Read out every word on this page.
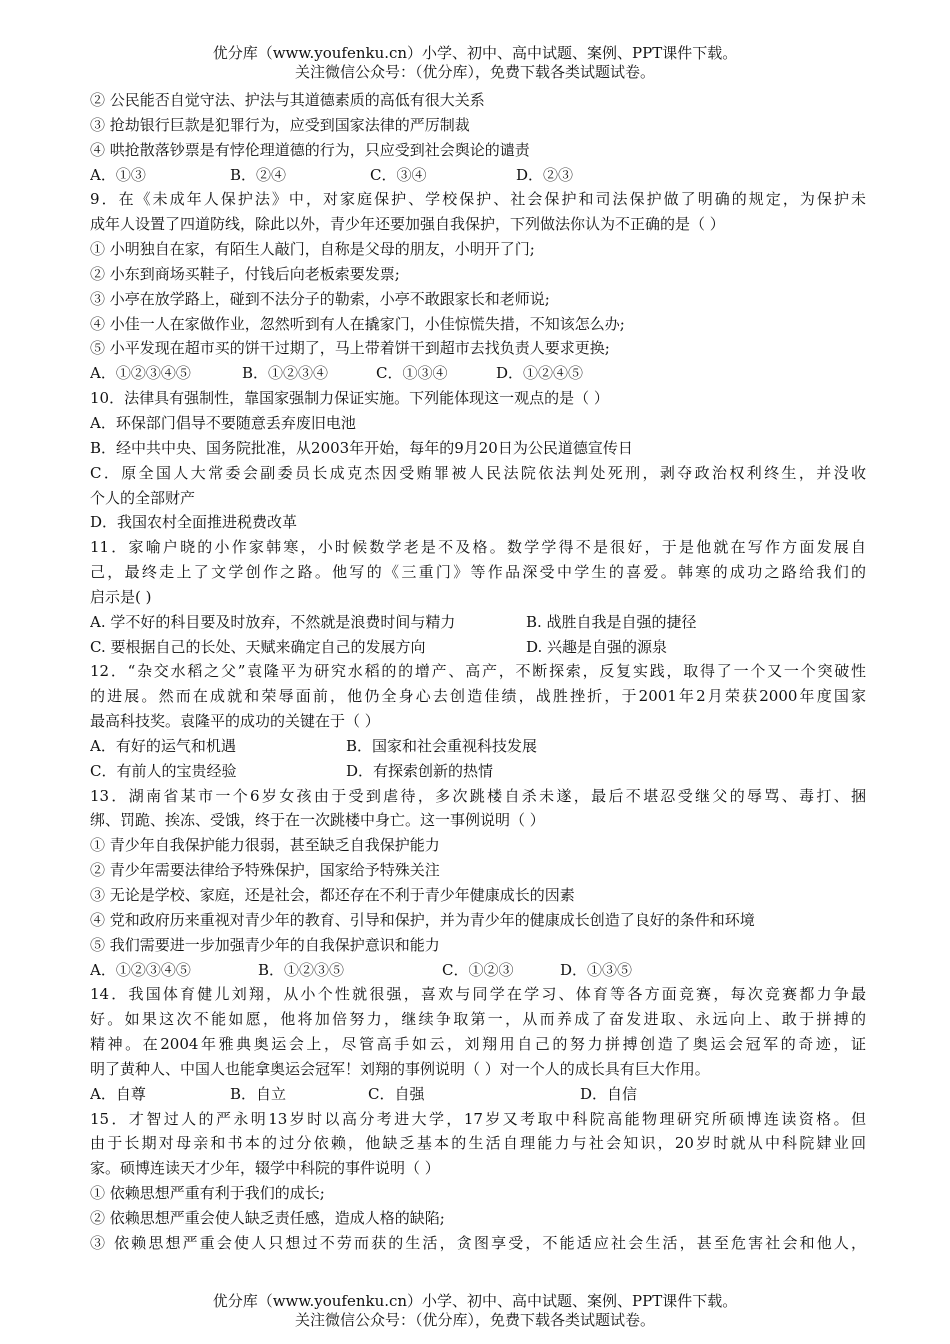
优分库（www.youfenku.cn）小学、初中、高中试题、案例、PPT课件下载。
关注微信公众号：（优分库），免费下载各类试题试卷。
② 公民能否自觉守法、护法与其道德素质的高低有很大关系
③ 抢劫银行巨款是犯罪行为，应受到国家法律的严厉制裁
④ 哄抢散落钞票是有悖伦理道德的行为，只应受到社会舆论的谴责
A．①③	B．②④	C．③④	D．②③
9．在《未成年人保护法》中，对家庭保护、学校保护、社会保护和司法保护做了明确的规定，为保护未
成年人设置了四道防线，除此以外，青少年还要加强自我保护，下列做法你认为不正确的是（ ）
① 小明独自在家，有陌生人敲门，自称是父母的朋友，小明开了门;
② 小东到商场买鞋子，付钱后向老板索要发票;
③ 小亭在放学路上，碰到不法分子的勒索，小亭不敢跟家长和老师说;
④ 小佳一人在家做作业，忽然听到有人在撬家门，小佳惊慌失措，不知该怎么办;
⑤ 小平发现在超市买的饼干过期了，马上带着饼干到超市去找负责人要求更换;
A．①②③④⑤	B．①②③④	C．①③④	D．①②④⑤
10．法律具有强制性，靠国家强制力保证实施。下列能体现这一观点的是（ ）
A．环保部门倡导不要随意丢弃废旧电池
B．经中共中央、国务院批准，从2003年开始，每年的9月20日为公民道德宣传日
C．原全国人大常委会副委员长成克杰因受贿罪被人民法院依法判处死刑，剥夺政治权利终生，并没收
个人的全部财产
D．我国农村全面推进税费改革
11．家喻户晓的小作家韩寒，小时候数学老是不及格。数学学得不是很好，于是他就在写作方面发展自
己，最终走上了文学创作之路。他写的《三重门》等作品深受中学生的喜爱。韩寒的成功之路给我们的
启示是( )
A. 学不好的科目要及时放弃，不然就是浪费时间与精力	B. 战胜自我是自强的捷径
C. 要根据自己的长处、天赋来确定自己的发展方向	D. 兴趣是自强的源泉
12．“杂交水稻之父”袁隆平为研究水稻的的增产、高产，不断探索，反复实践，取得了一个又一个突破性
的进展。然而在成就和荣辱面前，他仍全身心去创造佳绩，战胜挫折，于2001年2月荣获2000年度国家
最高科技奖。袁隆平的成功的关键在于（ ）
A．有好的运气和机遇	B．国家和社会重视科技发展
C．有前人的宝贵经验	D．有探索创新的热情
13．湖南省某市一个6岁女孩由于受到虐待，多次跳楼自杀未遂，最后不堪忍受继父的辱骂、毒打、捆
绑、罚跪、挨冻、受饿，终于在一次跳楼中身亡。这一事例说明（ ）
① 青少年自我保护能力很弱，甚至缺乏自我保护能力
② 青少年需要法律给予特殊保护，国家给予特殊关注
③ 无论是学校、家庭，还是社会，都还存在不利于青少年健康成长的因素
④ 党和政府历来重视对青少年的教育、引导和保护，并为青少年的健康成长创造了良好的条件和环境
⑤ 我们需要进一步加强青少年的自我保护意识和能力
A．①②③④⑤	B．①②③⑤	C．①②③	D．①③⑤
14．我国体育健儿刘翔，从小个性就很强，喜欢与同学在学习、体育等各方面竞赛，每次竞赛都力争最
好。如果这次不能如愿，他将加倍努力，继续争取第一，从而养成了奋发进取、永远向上、敢于拼搏的
精神。在2004年雅典奥运会上，尽管高手如云，刘翔用自己的努力拼搏创造了奥运会冠军的奇迹，证
明了黄种人、中国人也能拿奥运会冠军！刘翔的事例说明（ ）对一个人的成长具有巨大作用。
A．自尊	B．自立	C．自强	D．自信
15．才智过人的严永明13岁时以高分考进大学，17岁又考取中科院高能物理研究所硕博连读资格。但
由于长期对母亲和书本的过分依赖，他缺乏基本的生活自理能力与社会知识，20岁时就从中科院肄业回
家。硕博连读天才少年，辍学中科院的事件说明（ ）
① 依赖思想严重有利于我们的成长;
② 依赖思想严重会使人缺乏责任感，造成人格的缺陷;
③ 依赖思想严重会使人只想过不劳而获的生活，贪图享受，不能适应社会生活，甚至危害社会和他人，
优分库（www.youfenku.cn）小学、初中、高中试题、案例、PPT课件下载。
关注微信公众号：（优分库），免费下载各类试题试卷。
